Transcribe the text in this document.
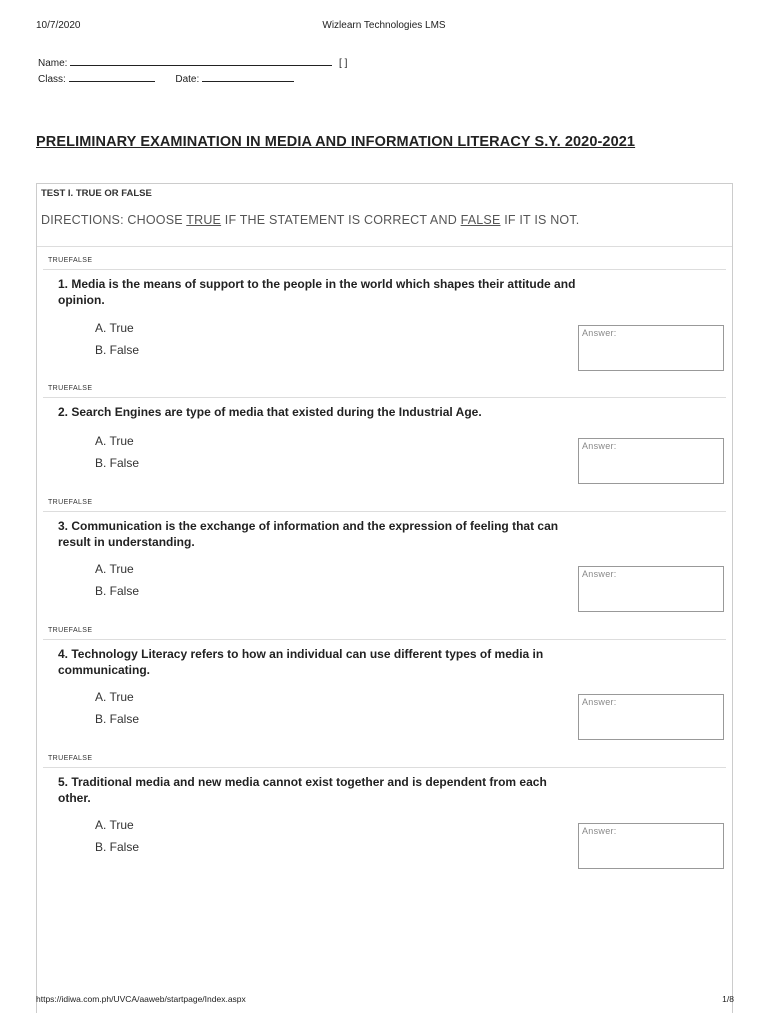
10/7/2020	Wizlearn Technologies LMS
Name:	[ ]
Class:	Date:
PRELIMINARY EXAMINATION IN MEDIA AND INFORMATION LITERACY S.Y. 2020-2021
TEST I. TRUE OR FALSE
DIRECTIONS: CHOOSE TRUE IF THE STATEMENT IS CORRECT AND FALSE IF IT IS NOT.
TRUEFALSE
1. Media is the means of support to the people in the world which shapes their attitude and opinion.
A. True
B. False
Answer:
TRUEFALSE
2. Search Engines are type of media that existed during the Industrial Age.
A. True
B. False
Answer:
TRUEFALSE
3. Communication is the exchange of information and the expression of feeling that can result in understanding.
A. True
B. False
Answer:
TRUEFALSE
4. Technology Literacy refers to how an individual can use different types of media in communicating.
A. True
B. False
Answer:
TRUEFALSE
5. Traditional media and new media cannot exist together and is dependent from each other.
A. True
B. False
Answer:
https://idiwa.com.ph/UVCA/aaweb/startpage/Index.aspx	1/8
